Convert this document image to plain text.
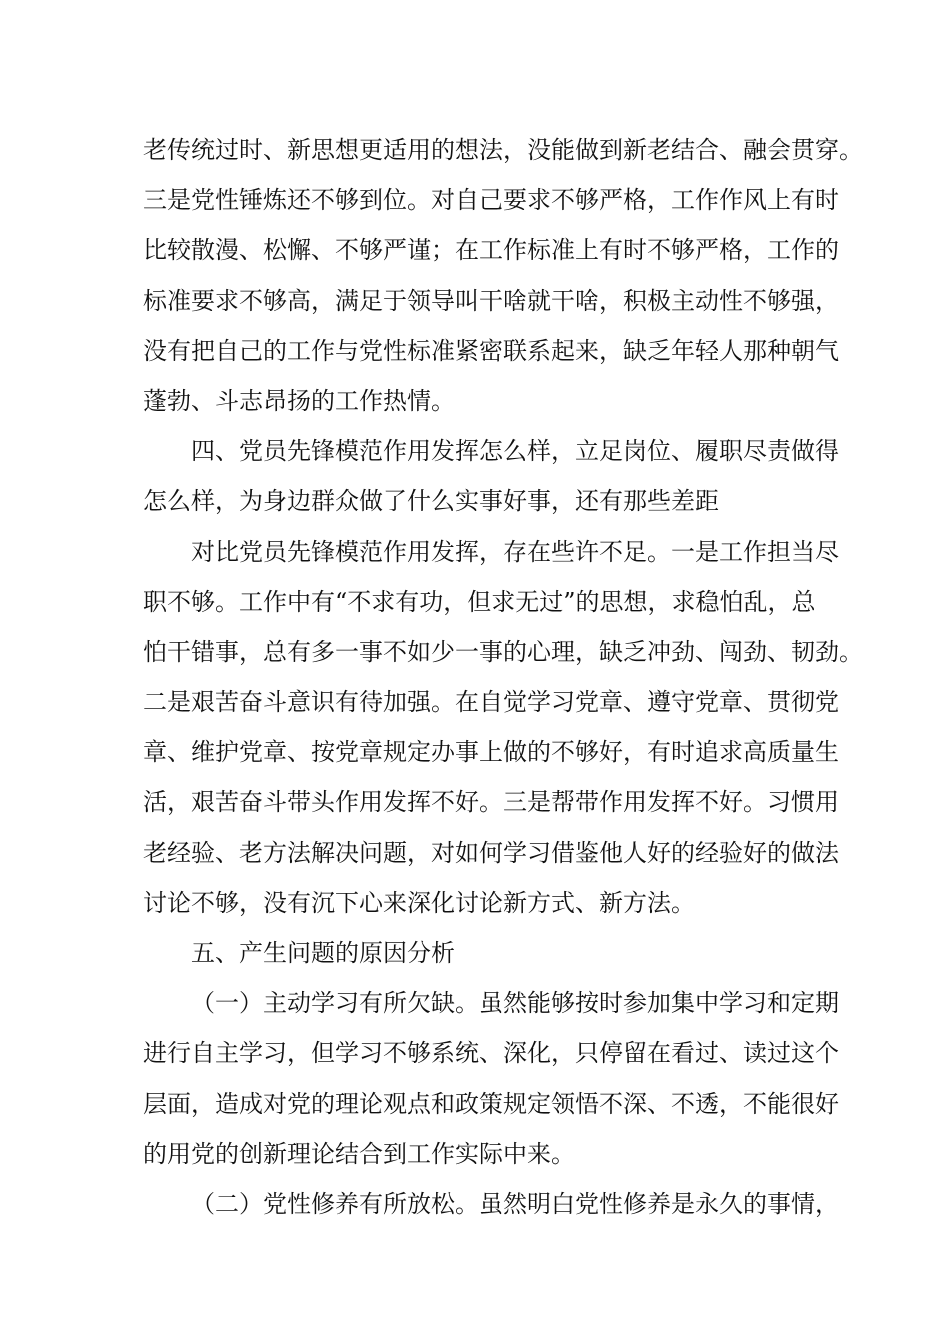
老传统过时、新思想更适用的想法，没能做到新老结合、融会贯穿。
三是党性锤炼还不够到位。对自己要求不够严格，工作作风上有时
比较散漫、松懈、不够严谨；在工作标准上有时不够严格，工作的
标准要求不够高，满足于领导叫干啥就干啥，积极主动性不够强，
没有把自己的工作与党性标准紧密联系起来，缺乏年轻人那种朝气
蓬勃、斗志昂扬的工作热情。
四、党员先锋模范作用发挥怎么样，立足岗位、履职尽责做得
怎么样，为身边群众做了什么实事好事，还有那些差距
对比党员先锋模范作用发挥，存在些许不足。一是工作担当尽
职不够。工作中有“不求有功，但求无过”的思想，求稳怕乱，总
怕干错事，总有多一事不如少一事的心理，缺乏冲劲、闯劲、韧劲。
二是艰苦奋斗意识有待加强。在自觉学习党章、遵守党章、贯彻党
章、维护党章、按党章规定办事上做的不够好，有时追求高质量生
活，艰苦奋斗带头作用发挥不好。三是帮带作用发挥不好。习惯用
老经验、老方法解决问题，对如何学习借鉴他人好的经验好的做法
讨论不够，没有沉下心来深化讨论新方式、新方法。
五、产生问题的原因分析
（一）主动学习有所欠缺。虽然能够按时参加集中学习和定期
进行自主学习，但学习不够系统、深化，只停留在看过、读过这个
层面，造成对党的理论观点和政策规定领悟不深、不透，不能很好
的用党的创新理论结合到工作实际中来。
（二）党性修养有所放松。虽然明白党性修养是永久的事情，
